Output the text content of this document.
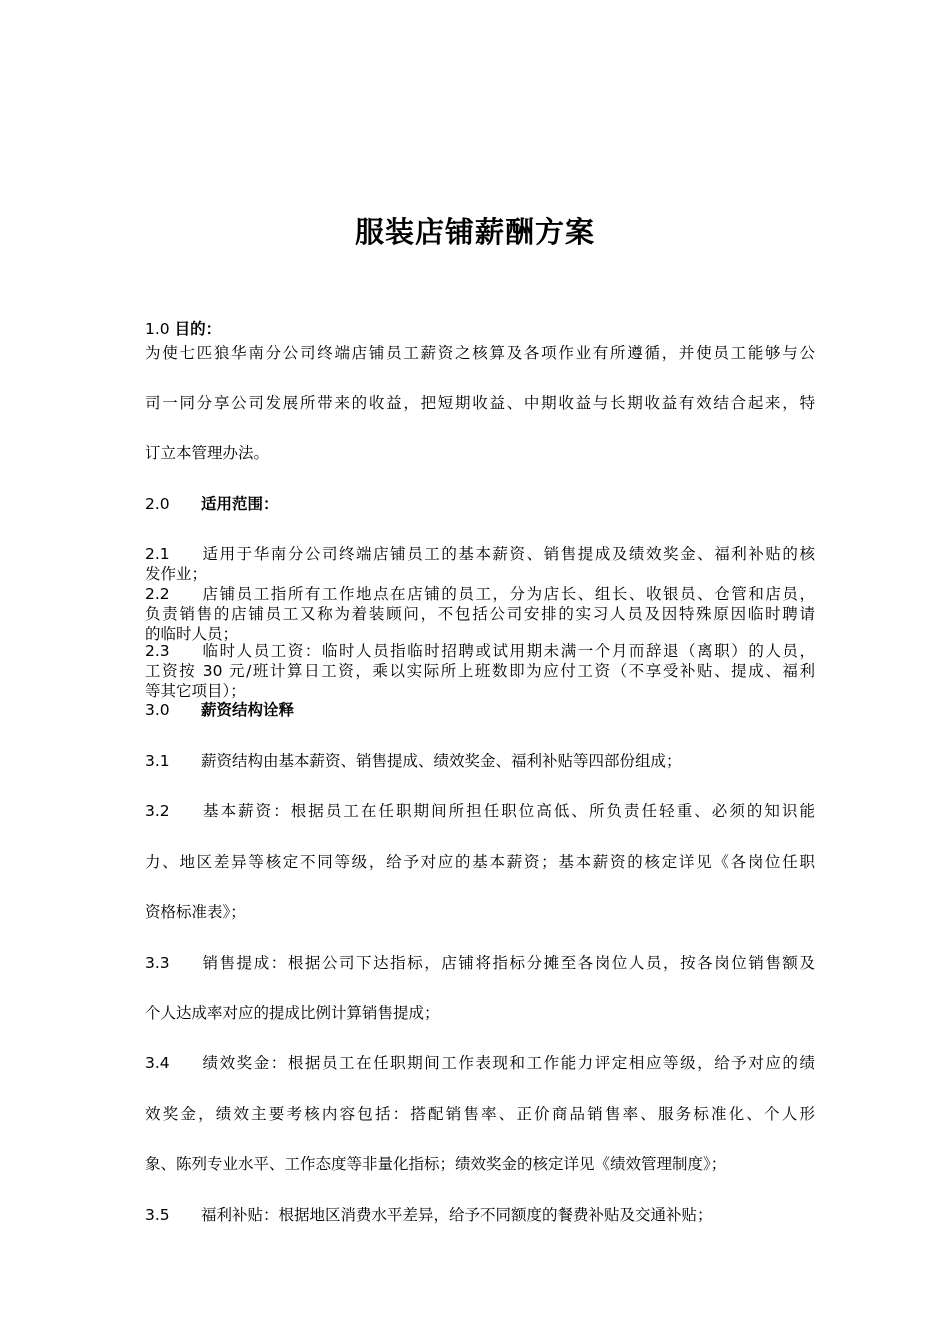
服装店铺薪酬方案
1.0 目的：
为使七匹狼华南分公司终端店铺员工薪资之核算及各项作业有所遵循，并使员工能够与公
司一同分享公司发展所带来的收益，把短期收益、中期收益与长期收益有效结合起来，特
订立本管理办法。
2.0 适用范围：
2.1 适用于华南分公司终端店铺员工的基本薪资、销售提成及绩效奖金、福利补贴的核
发作业；
2.2 店铺员工指所有工作地点在店铺的员工，分为店长、组长、收银员、仓管和店员，
负责销售的店铺员工又称为着装顾问，不包括公司安排的实习人员及因特殊原因临时聘请
的临时人员；
2.3 临时人员工资：临时人员指临时招聘或试用期未满一个月而辞退（离职）的人员，
工资按 30 元/班计算日工资，乘以实际所上班数即为应付工资（不享受补贴、提成、福利
等其它项目）；
3.0 薪资结构诠释
3.1 薪资结构由基本薪资、销售提成、绩效奖金、福利补贴等四部份组成；
3.2 基本薪资：根据员工在任职期间所担任职位高低、所负责任轻重、必须的知识能
力、地区差异等核定不同等级，给予对应的基本薪资；基本薪资的核定详见《各岗位任职
资格标准表》；
3.3 销售提成：根据公司下达指标，店铺将指标分摊至各岗位人员，按各岗位销售额及
个人达成率对应的提成比例计算销售提成；
3.4 绩效奖金：根据员工在任职期间工作表现和工作能力评定相应等级，给予对应的绩
效奖金，绩效主要考核内容包括：搭配销售率、正价商品销售率、服务标准化、个人形
象、陈列专业水平、工作态度等非量化指标；绩效奖金的核定详见《绩效管理制度》；
3.5 福利补贴：根据地区消费水平差异，给予不同额度的餐费补贴及交通补贴；
